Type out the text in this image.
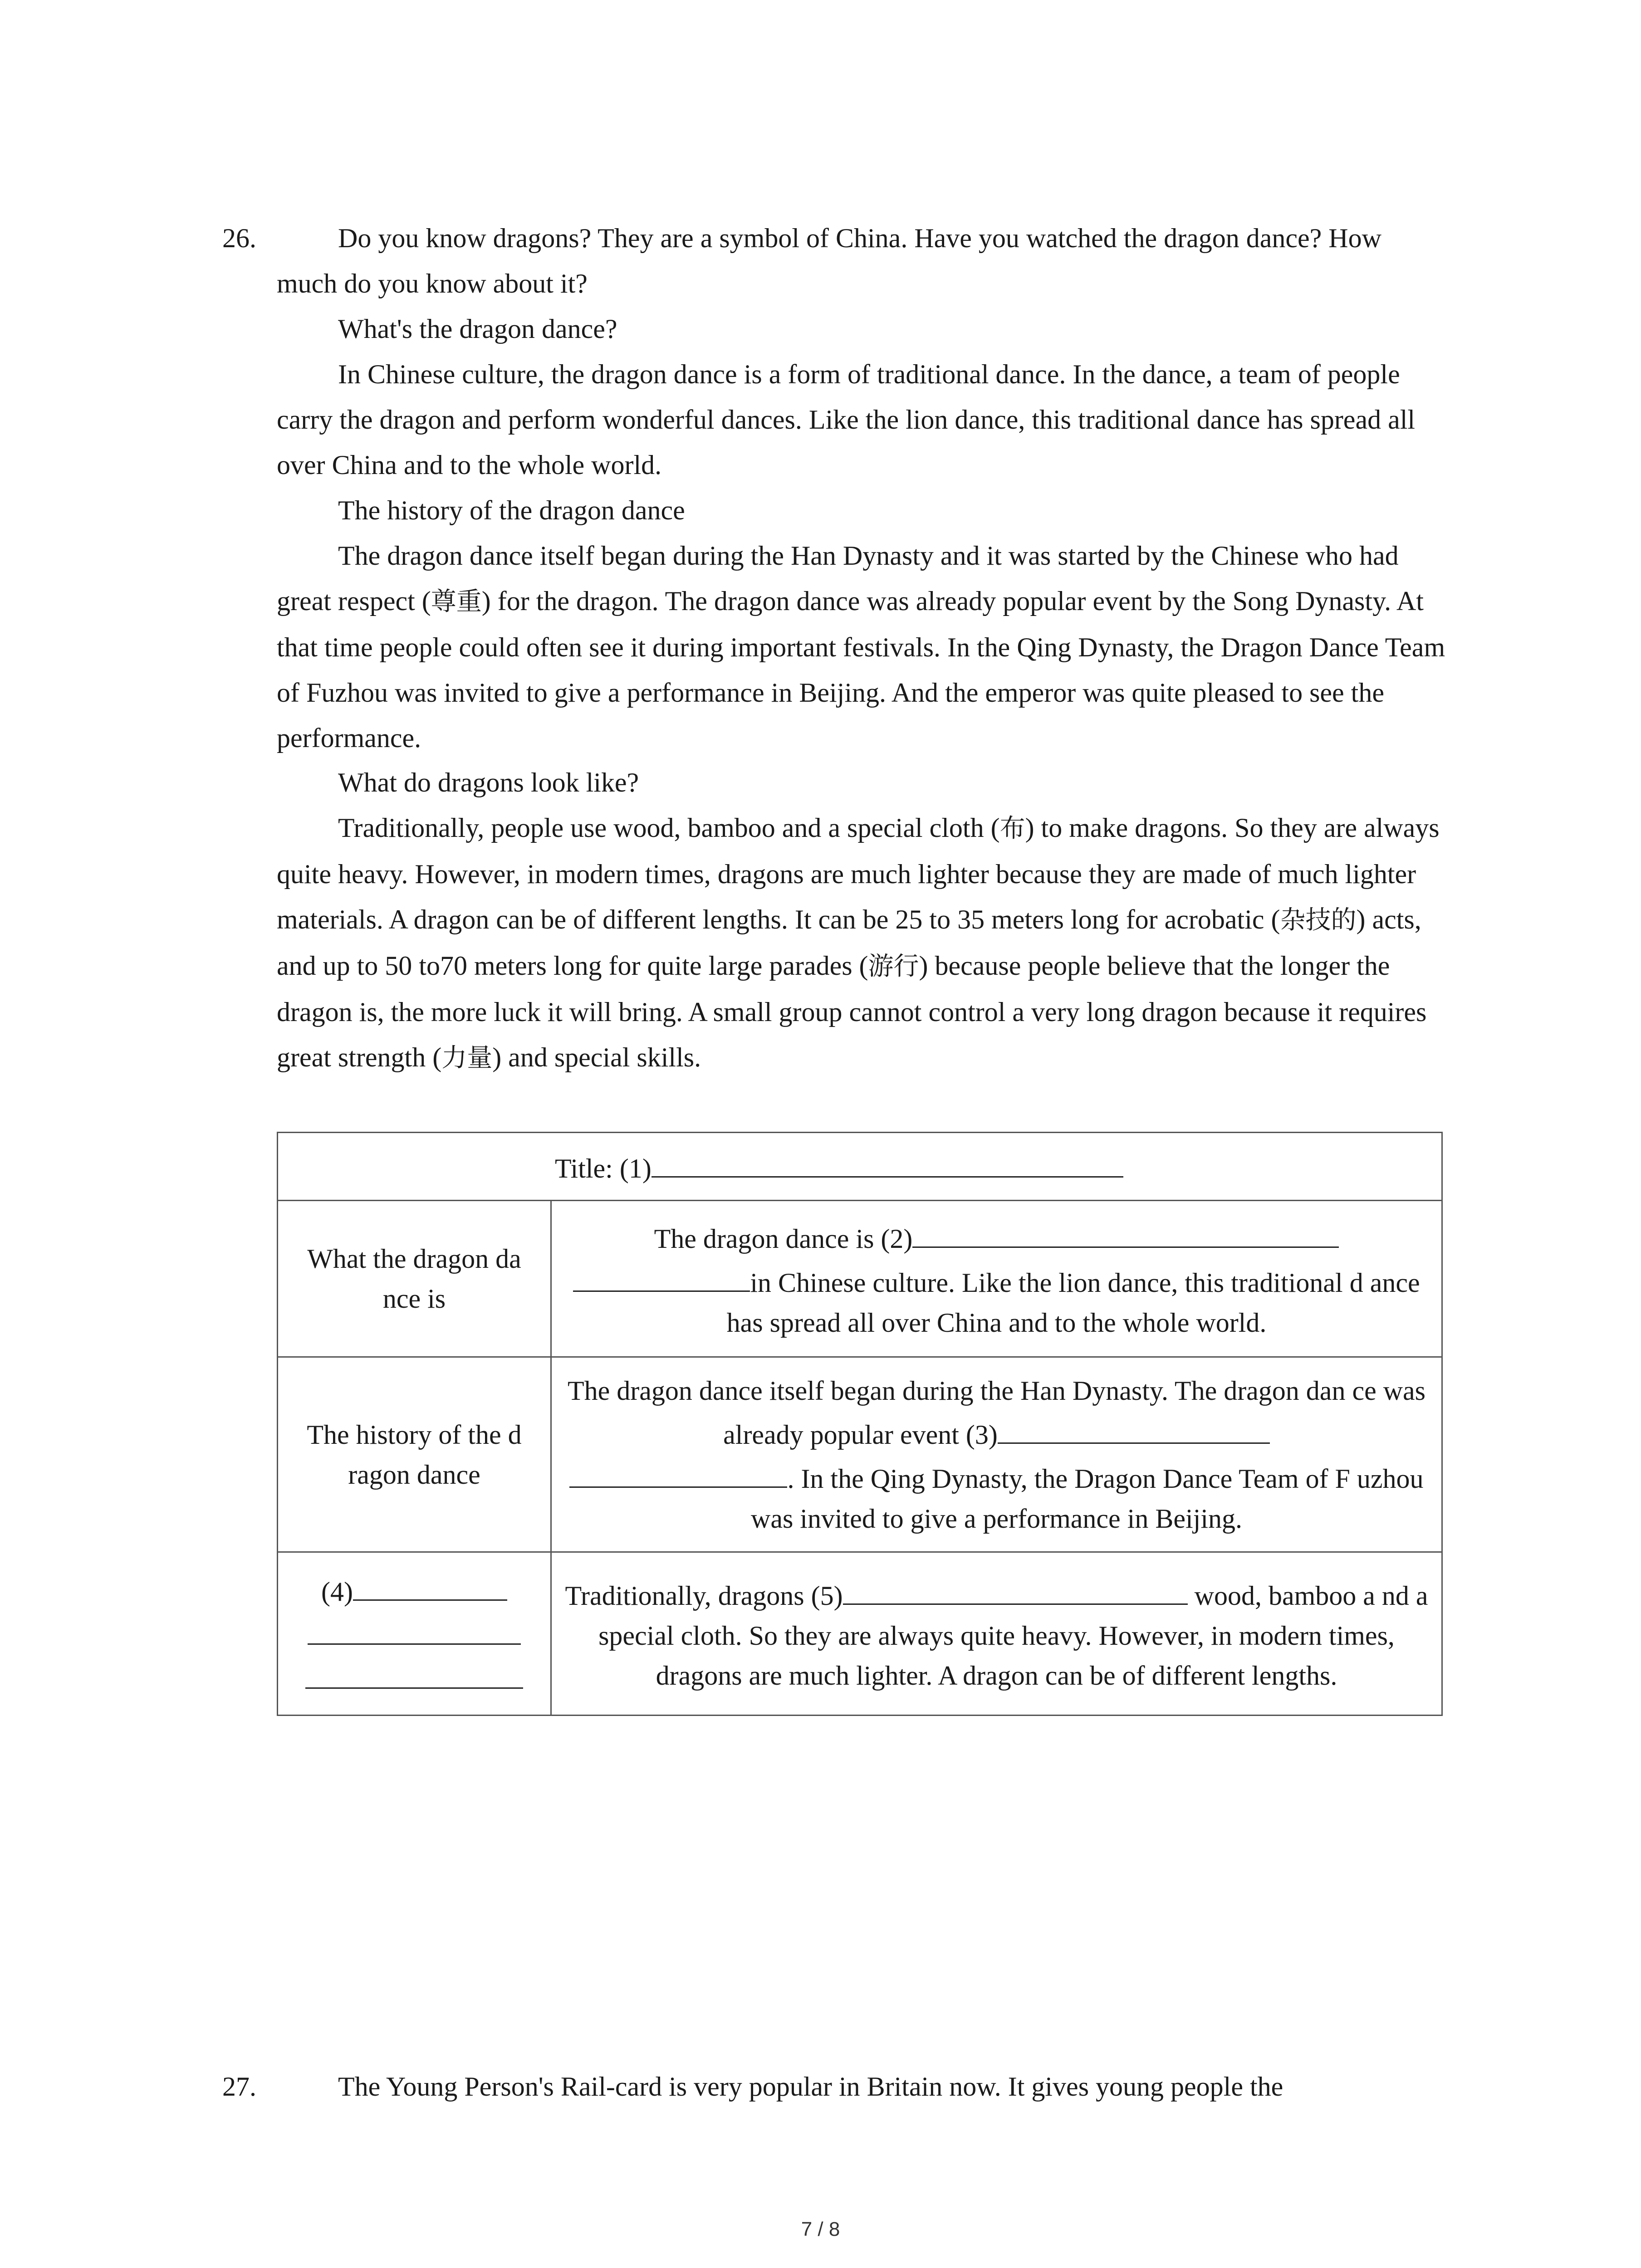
26.	Do you know dragons? They are a symbol of China. Have you watched the dragon dance? How much do you know about it?

What's the dragon dance?

In Chinese culture, the dragon dance is a form of traditional dance. In the dance, a team of people carry the dragon and perform wonderful dances. Like the lion dance, this traditional dance has spread all over China and to the whole world.

The history of the dragon dance

The dragon dance itself began during the Han Dynasty and it was started by the Chinese who had great respect (尊重) for the dragon. The dragon dance was already popular event by the Song Dynasty. At that time people could often see it during important festivals. In the Qing Dynasty, the Dragon Dance Team of Fuzhou was invited to give a performance in Beijing. And the emperor was quite pleased to see the performance.

What do dragons look like?

Traditionally, people use wood, bamboo and a special cloth (布) to make dragons. So they are always quite heavy. However, in modern times, dragons are much lighter because they are made of much lighter materials. A dragon can be of different lengths. It can be 25 to 35 meters long for acrobatic (杂技的) acts, and up to 50 to70 meters long for quite large parades (游行) because people believe that the longer the dragon is, the more luck it will bring. A small group cannot control a very long dragon because it requires great strength (力量) and special skills.

Title: (1)	
What the dragon da nce is	The dragon dance is (2)
in Chinese culture. Like the lion dance, this traditional d ance has spread all over China and to the whole world.
The history of the d ragon dance	The dragon dance itself began during the Han Dynasty. The dragon dan ce was already popular event (3)
. In the Qing Dynasty, the Dragon Dance Team of F uzhou was invited to give a performance in Beijing.
(4)	Traditionally, dragons (5) wood, bamboo a nd a special cloth. So they are always quite heavy. However, in modern times, dragons are much lighter. A dragon can be of different lengths.
27.	The Young Person's Rail-card is very popular in Britain now. It gives young people the

7 / 8
